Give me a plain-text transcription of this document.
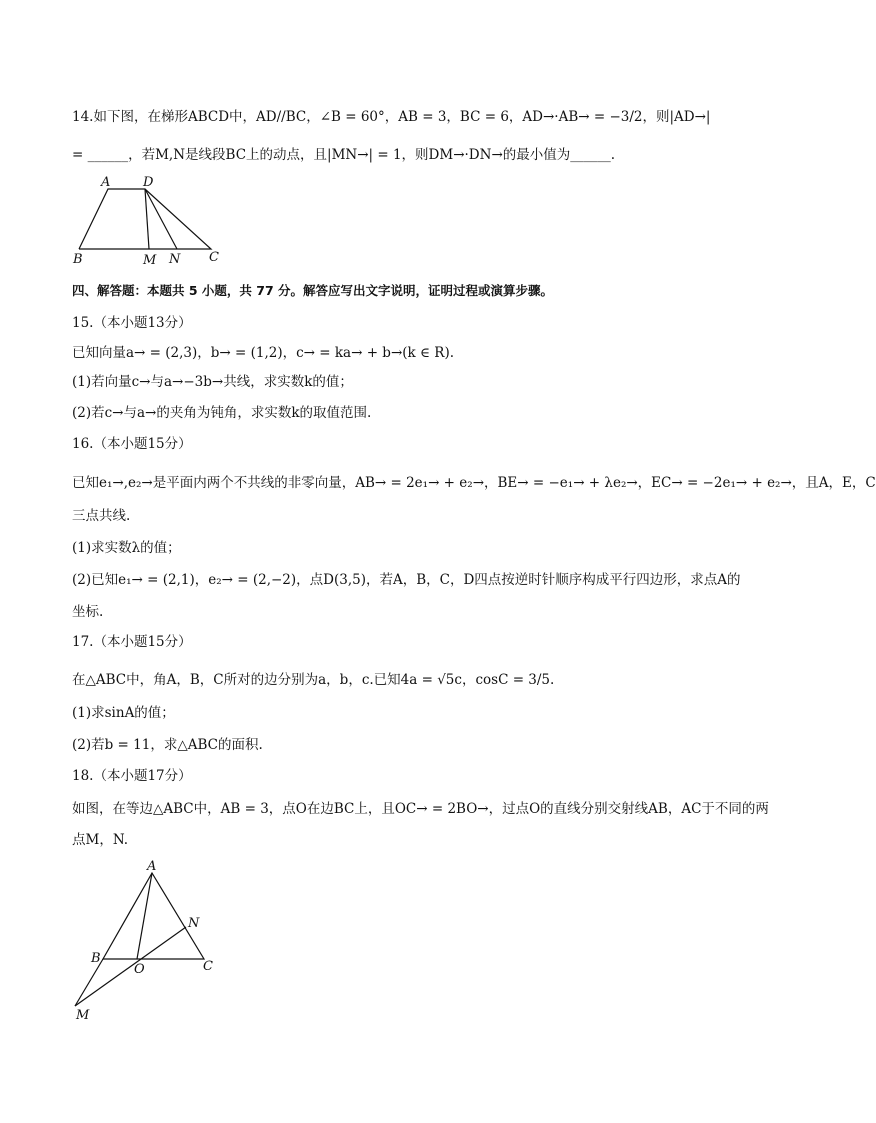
14.如下图，在梯形ABCD中，AD//BC，∠B = 60°，AB = 3，BC = 6，AD→·AB→ = −3/2，则|AD→|
= ______，若M,N是线段BC上的动点，且|MN→| = 1，则DM→·DN→的最小值为______.
A	D
B	M N C
四、解答题：本题共 5 小题，共 77 分。解答应写出文字说明，证明过程或演算步骤。
15.（本小题13分）
已知向量a→ = (2,3)，b→ = (1,2)，c→ = ka→ + b→(k ∈ R).
(1)若向量c→与a→−3b→共线，求实数k的值；
(2)若c→与a→的夹角为钝角，求实数k的取值范围.
16.（本小题15分）
已知e₁→,e₂→是平面内两个不共线的非零向量，AB→ = 2e₁→ + e₂→，BE→ = −e₁→ + λe₂→，EC→ = −2e₁→ + e₂→，且A，E，C
三点共线.
(1)求实数λ的值；
(2)已知e₁→ = (2,1)，e₂→ = (2,−2)，点D(3,5)，若A，B，C，D四点按逆时针顺序构成平行四边形，求点A的
坐标.
17.（本小题15分）
在△ABC中，角A，B，C所对的边分别为a，b，c.已知4a = √5c，cosC = 3/5.
(1)求sinA的值；
(2)若b = 11，求△ABC的面积.
18.（本小题17分）
如图，在等边△ABC中，AB = 3，点O在边BC上，且OC→ = 2BO→，过点O的直线分别交射线AB，AC于不同的两
点M，N.
A
N
B
O	C
M
